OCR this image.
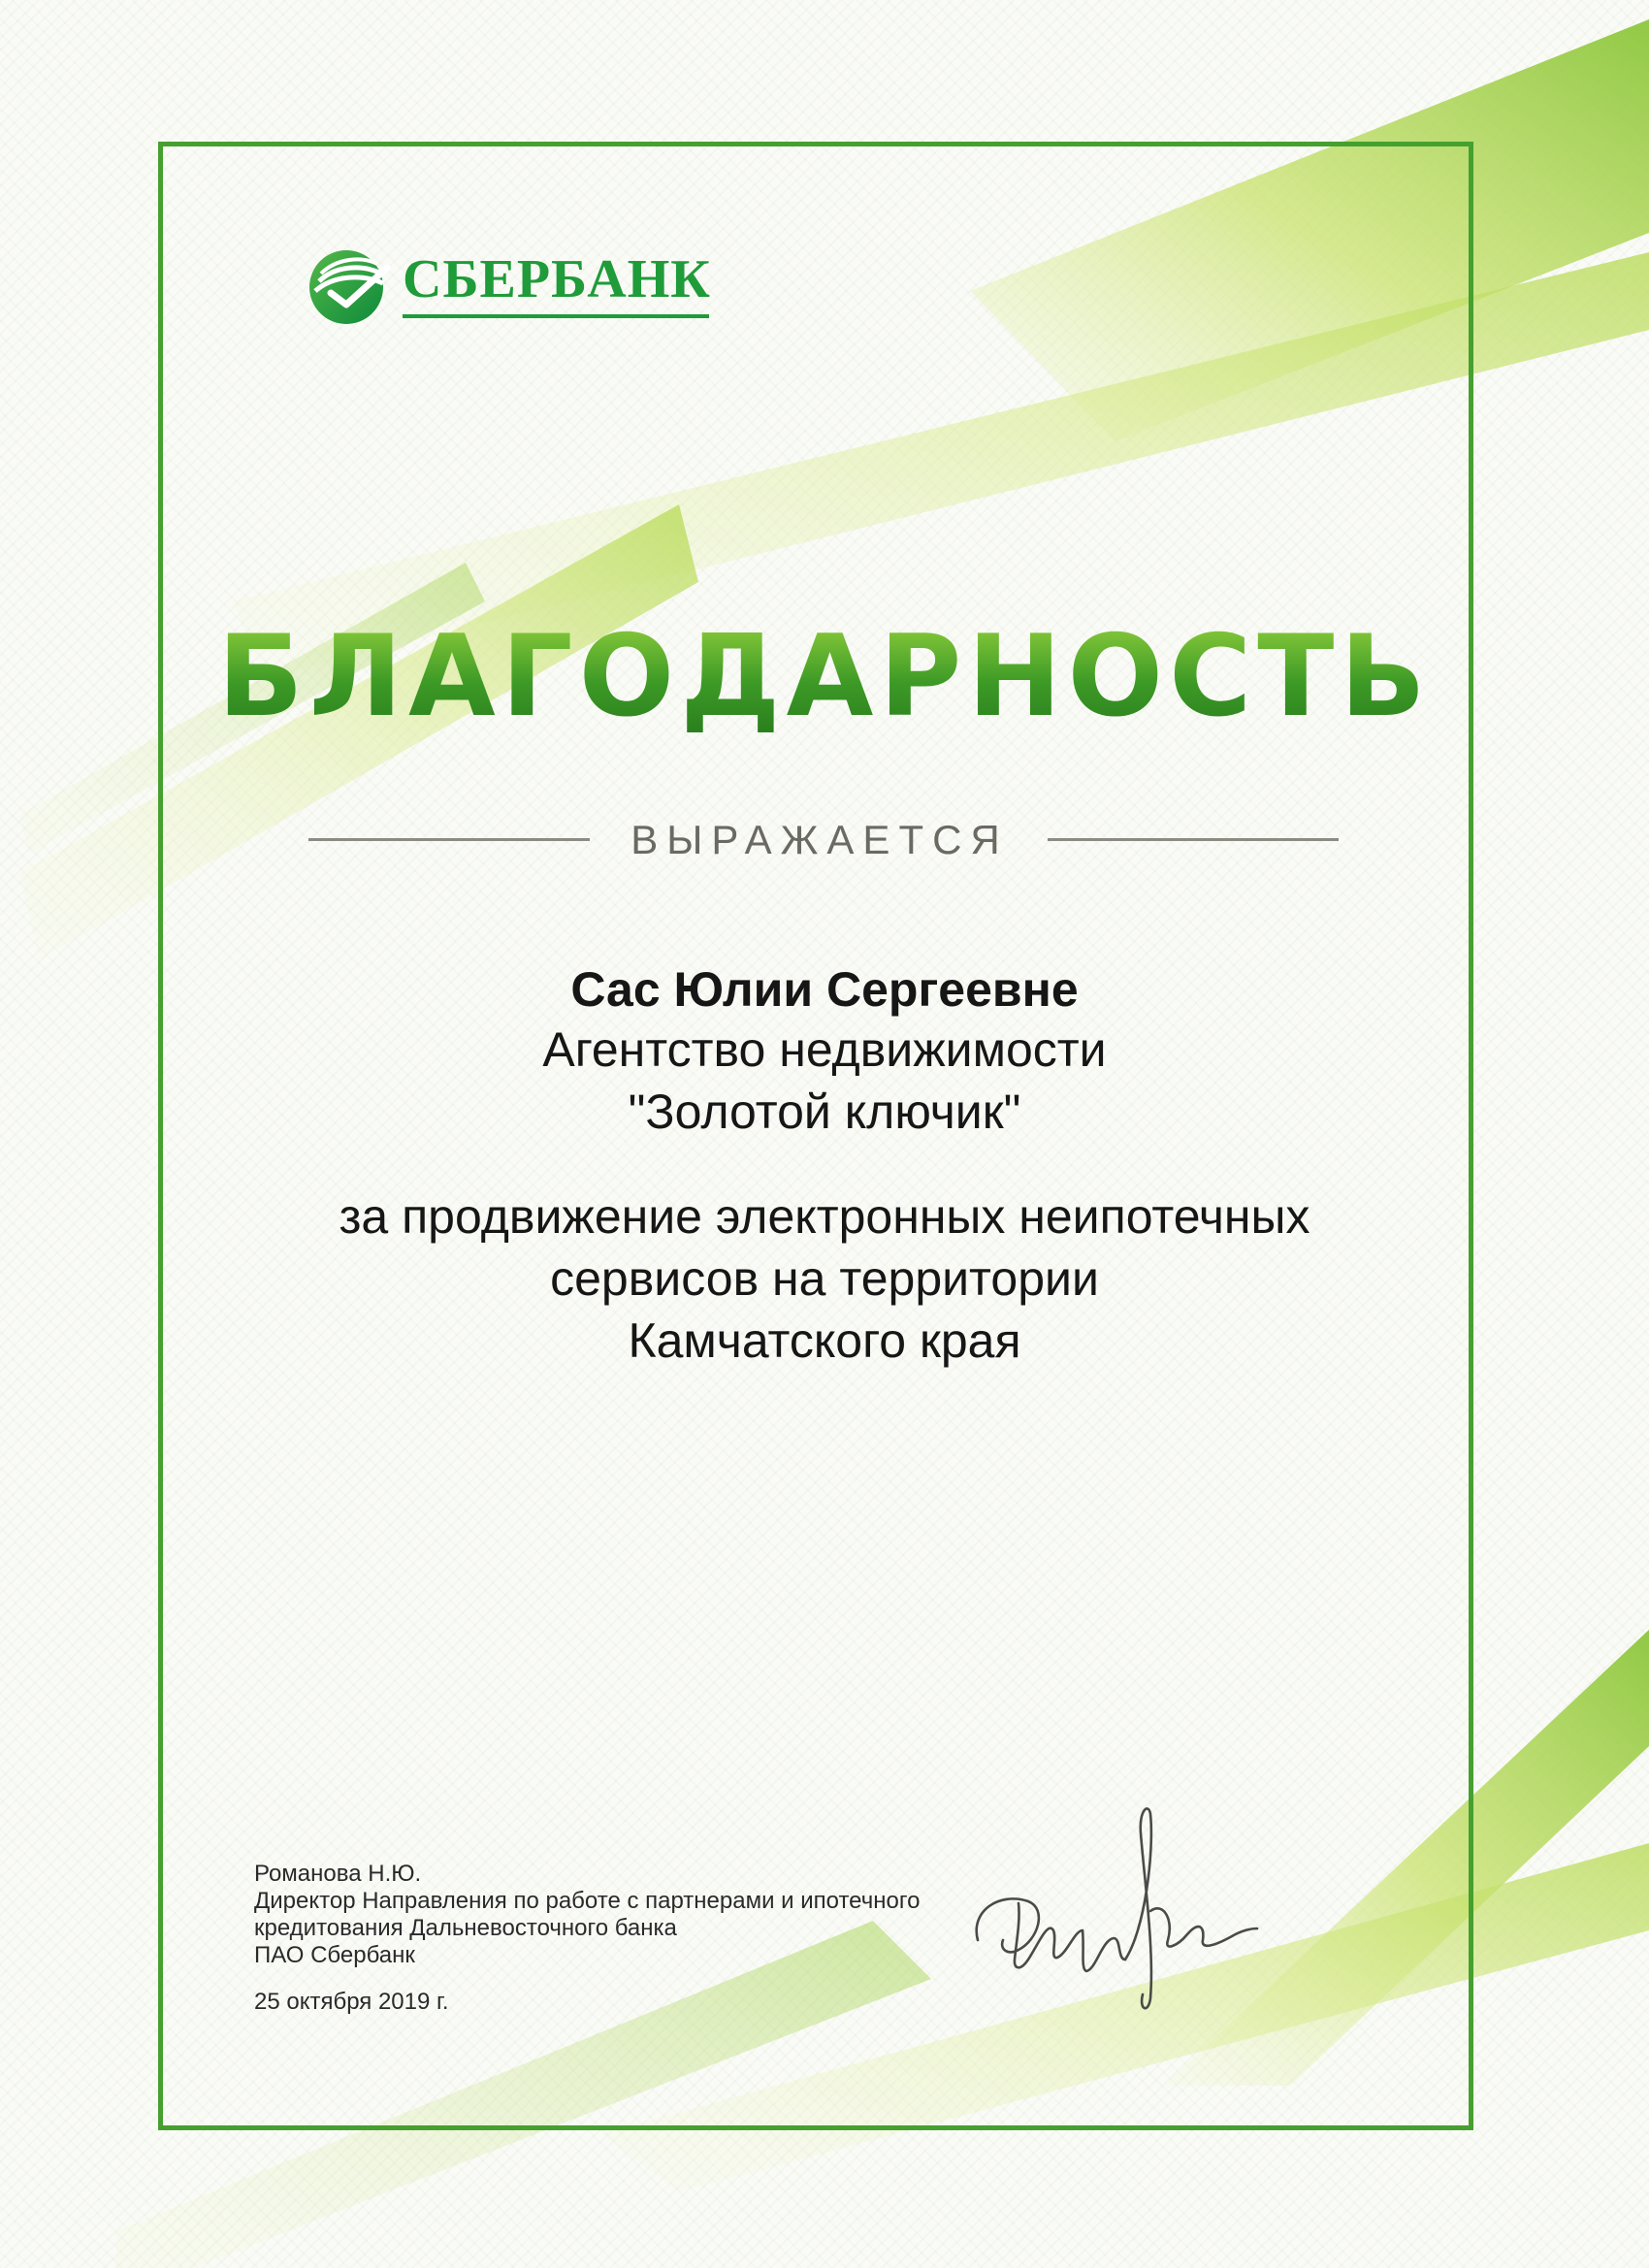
СБЕРБАНК
БЛАГОДАРНОСТЬ
ВЫРАЖАЕТСЯ
Сас Юлии Сергеевне
Агентство недвижимости
"Золотой ключик"
за продвижение электронных неипотечных
сервисов на территории
Камчатского края
Романова Н.Ю.
Директор Направления по работе с партнерами и ипотечного
кредитования Дальневосточного банка
ПАО Сбербанк
25 октября 2019 г.
